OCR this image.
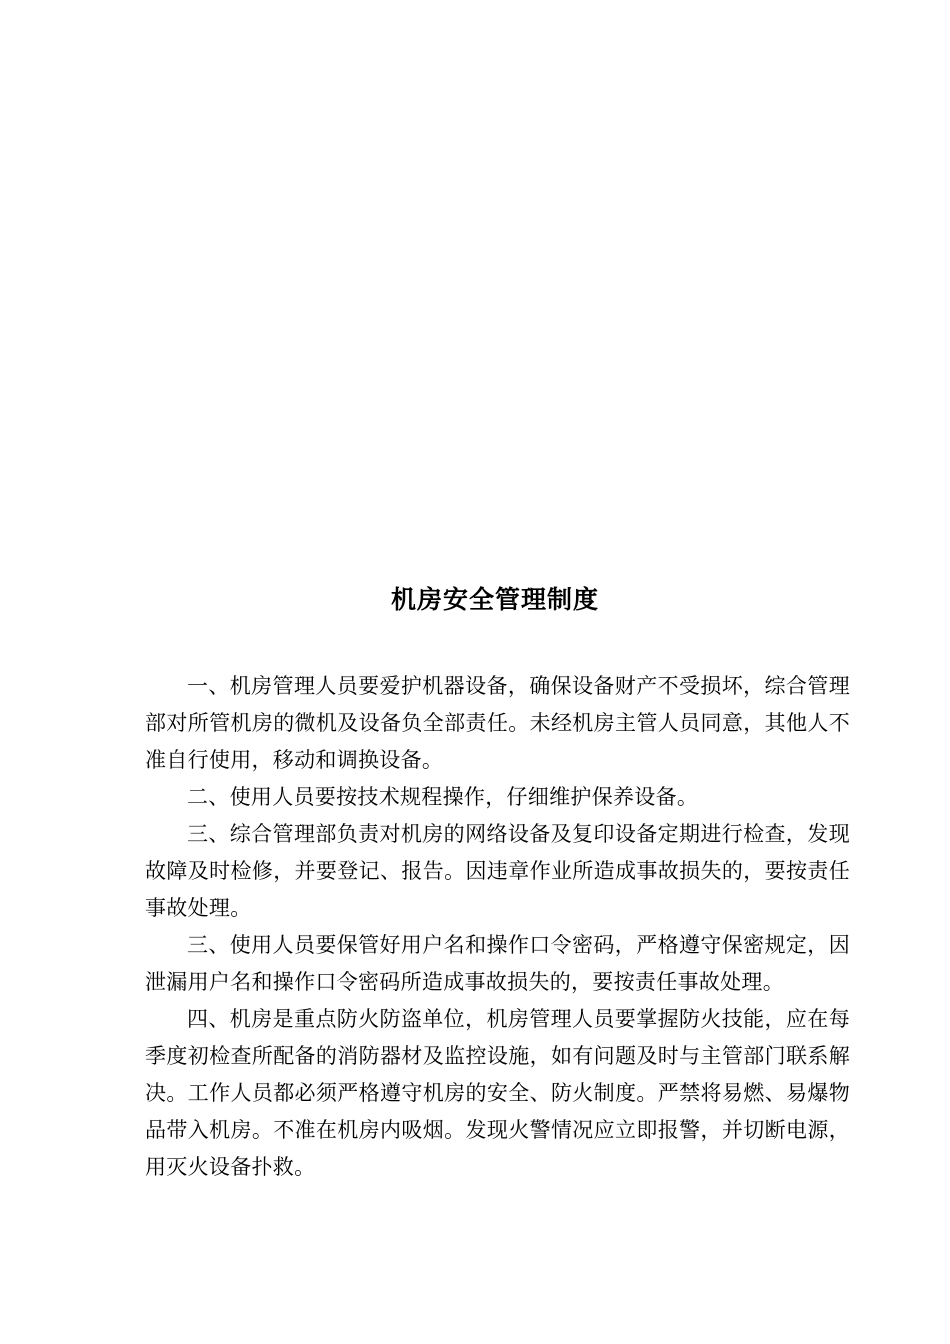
机房安全管理制度

一、机房管理人员要爱护机器设备，确保设备财产不受损坏，综合管理部对所管机房的微机及设备负全部责任。未经机房主管人员同意，其他人不准自行使用，移动和调换设备。

二、使用人员要按技术规程操作，仔细维护保养设备。

三、综合管理部负责对机房的网络设备及复印设备定期进行检查，发现故障及时检修，并要登记、报告。因违章作业所造成事故损失的，要按责任事故处理。

三、使用人员要保管好用户名和操作口令密码，严格遵守保密规定，因泄漏用户名和操作口令密码所造成事故损失的，要按责任事故处理。

四、机房是重点防火防盗单位，机房管理人员要掌握防火技能，应在每季度初检查所配备的消防器材及监控设施，如有问题及时与主管部门联系解决。工作人员都必须严格遵守机房的安全、防火制度。严禁将易燃、易爆物品带入机房。不准在机房内吸烟。发现火警情况应立即报警，并切断电源，用灭火设备扑救。
